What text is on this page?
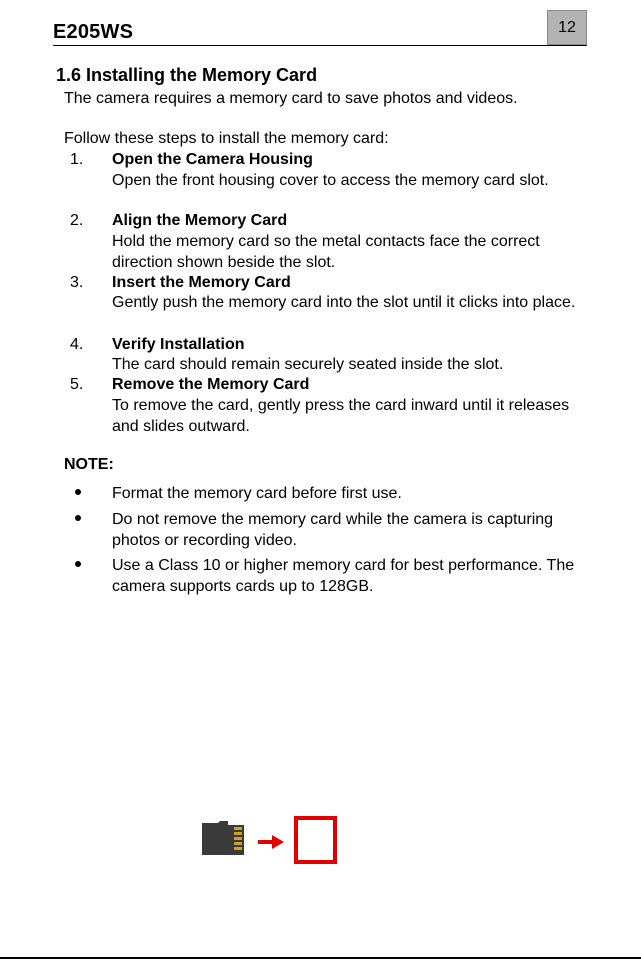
E205WS	12
1.6 Installing the Memory Card
The camera requires a memory card to save photos and videos.
Follow these steps to install the memory card:
1. Open the Camera Housing
Open the front housing cover to access the memory card slot.
2. Align the Memory Card
Hold the memory card so the metal contacts face the correct direction shown beside the slot.
3. Insert the Memory Card
Gently push the memory card into the slot until it clicks into place.
4. Verify Installation
The card should remain securely seated inside the slot.
5. Remove the Memory Card
To remove the card, gently press the card inward until it releases and slides outward.
NOTE:
Format the memory card before first use.
Do not remove the memory card while the camera is capturing photos or recording video.
Use a Class 10 or higher memory card for best performance. The camera supports cards up to 128GB.
